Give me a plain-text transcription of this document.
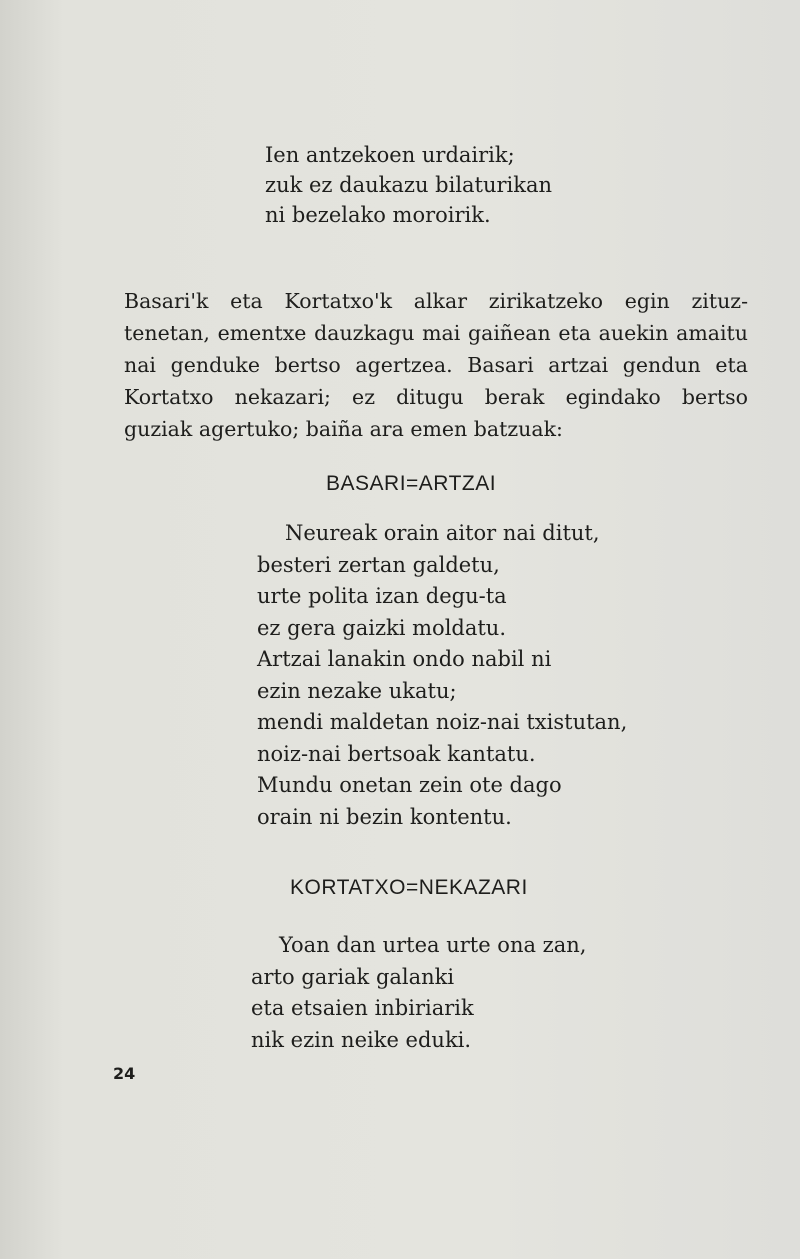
Ien antzekoen urdairik;
zuk ez daukazu bilaturikan
ni bezelako moroirik.
Basari'k eta Kortatxo'k alkar zirikatzeko egin zituz-
tenetan, ementxe dauzkagu mai gaiñean eta auekin amaitu
nai genduke bertso agertzea. Basari artzai gendun eta
Kortatxo nekazari; ez ditugu berak egindako bertso
guziak agertuko; baiña ara emen batzuak:
BASARI=ARTZAI
Neureak orain aitor nai ditut,
besteri zertan galdetu,
urte polita izan degu-ta
ez gera gaizki moldatu.
Artzai lanakin ondo nabil ni
ezin nezake ukatu;
mendi maldetan noiz-nai txistutan,
noiz-nai bertsoak kantatu.
Mundu onetan zein ote dago
orain ni bezin kontentu.
KORTATXO=NEKAZARI
Yoan dan urtea urte ona zan,
arto gariak galanki
eta etsaien inbiriarik
nik ezin neike eduki.
24
